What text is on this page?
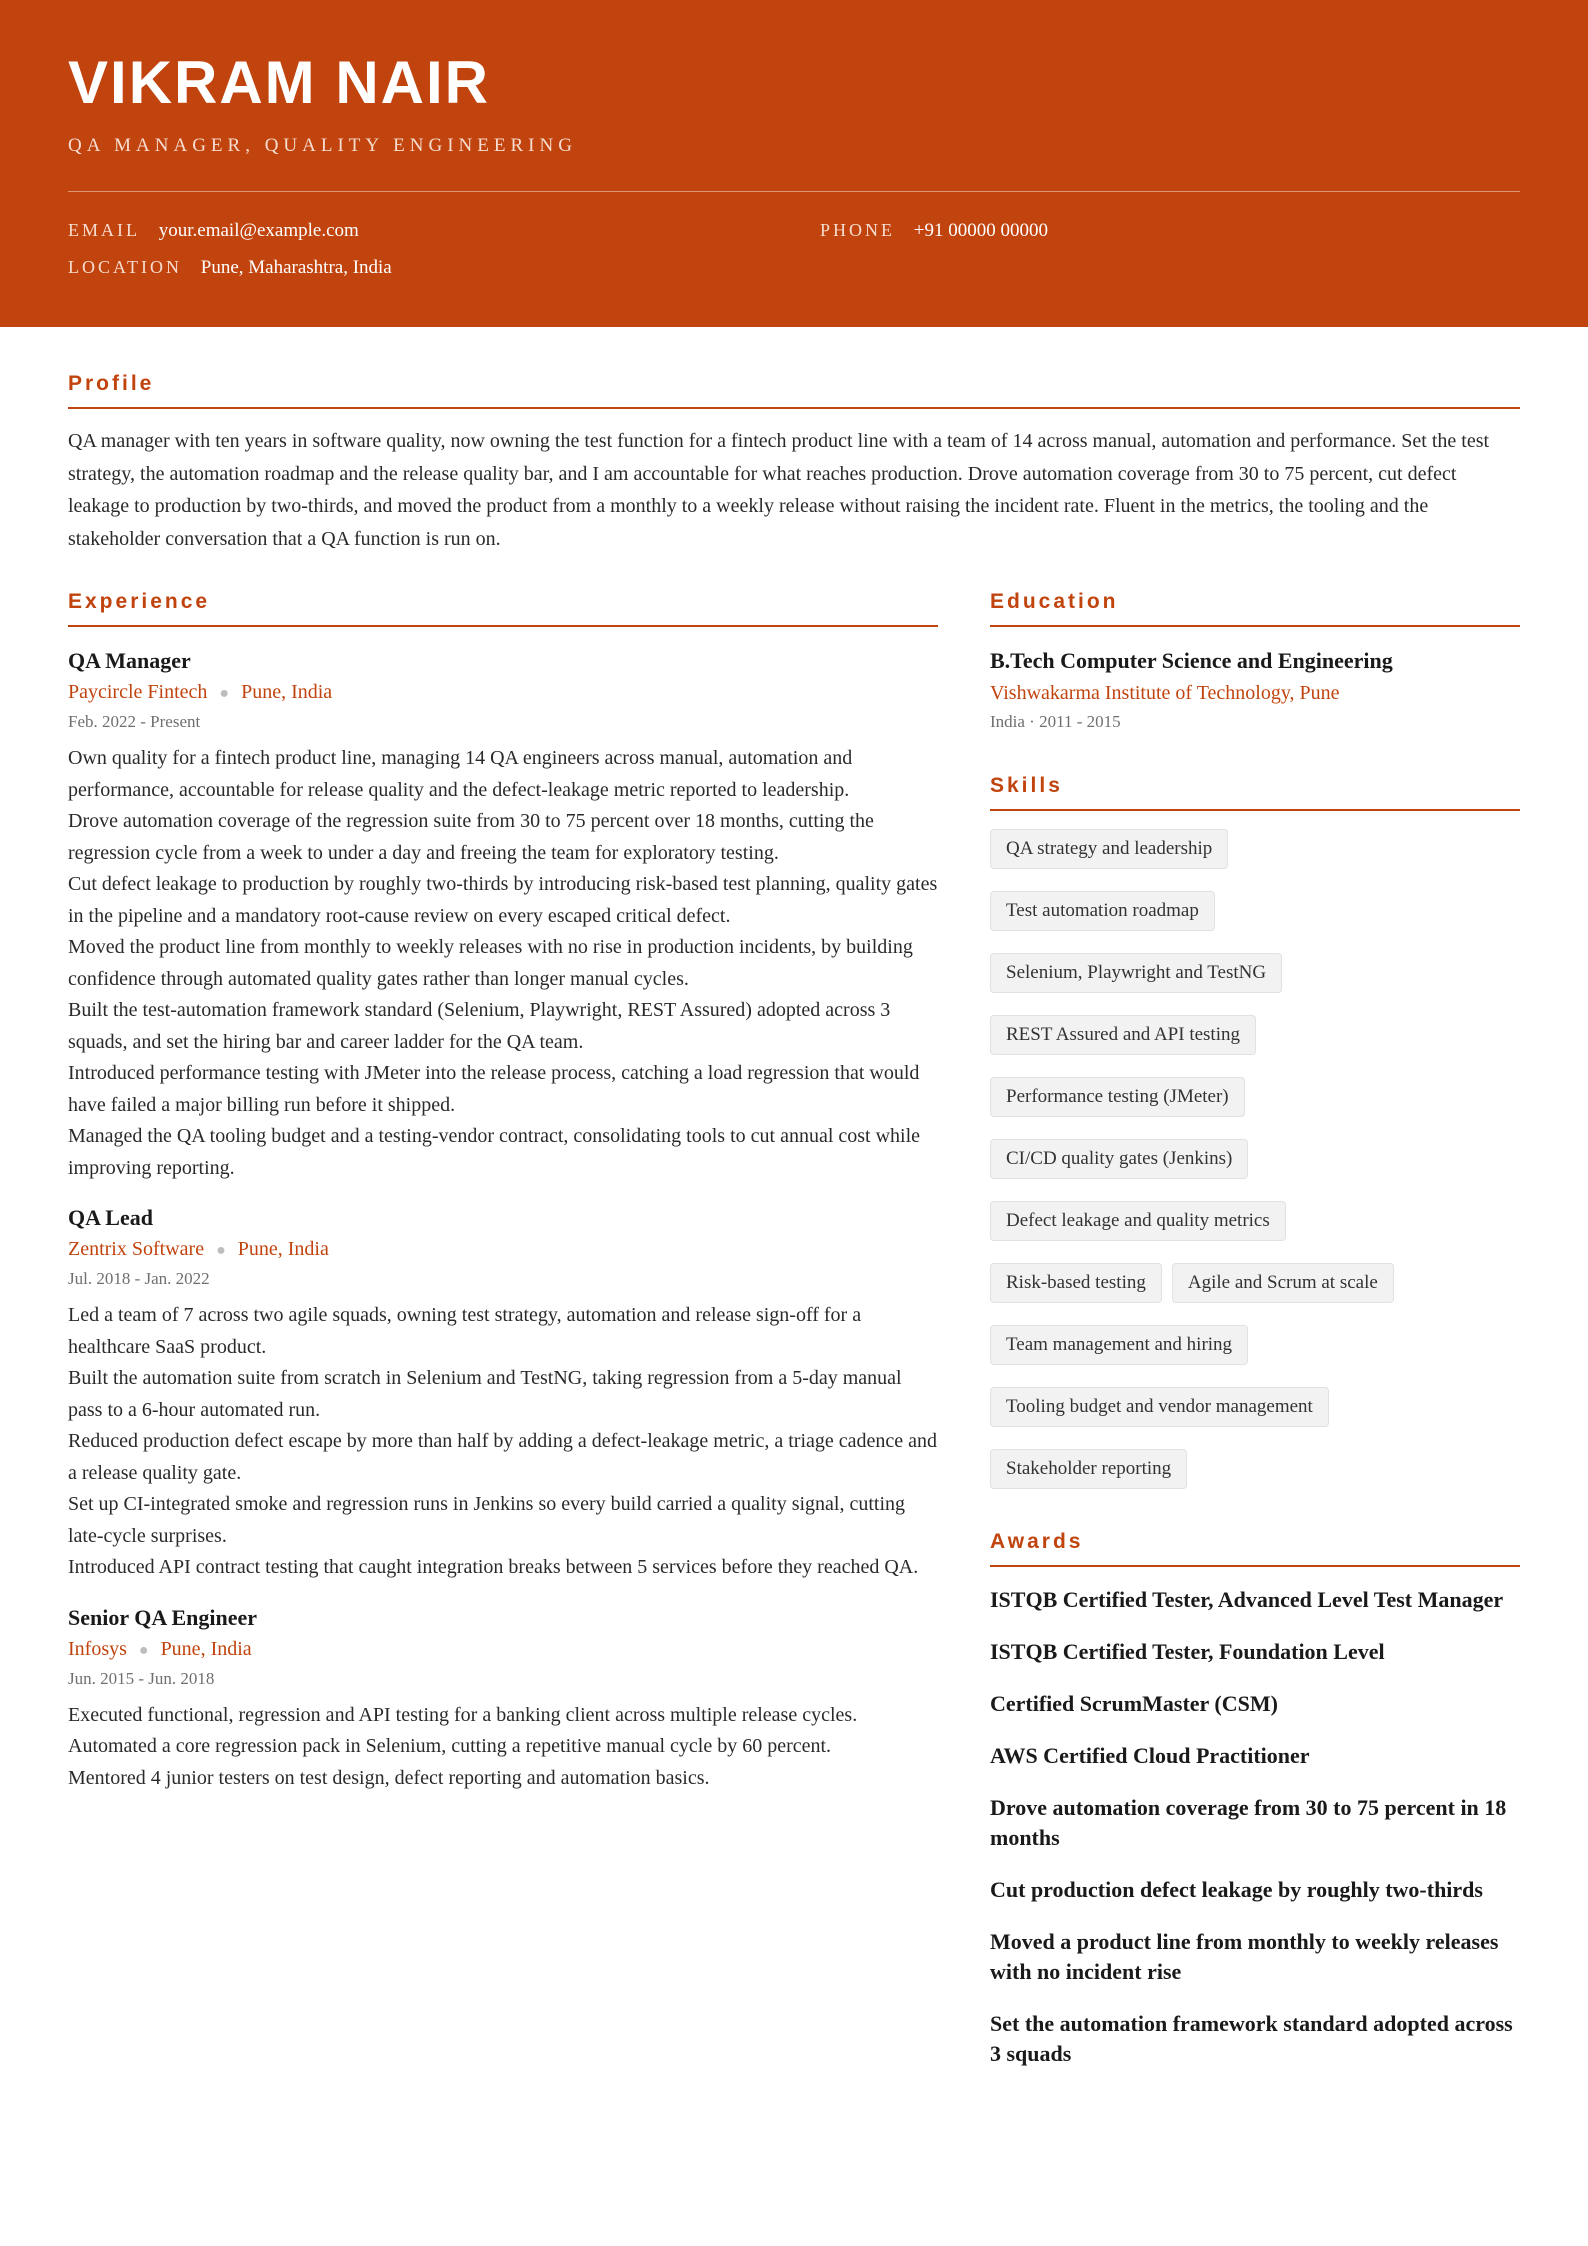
VIKRAM NAIR
QA MANAGER, QUALITY ENGINEERING
EMAIL your.email@example.com	PHONE +91 00000 00000
LOCATION Pune, Maharashtra, India
Profile

QA manager with ten years in software quality, now owning the test function for a fintech product line with a team of 14 across manual, automation and performance. Set the test strategy, the automation roadmap and the release quality bar, and I am accountable for what reaches production. Drove automation coverage from 30 to 75 percent, cut defect leakage to production by two-thirds, and moved the product from a monthly to a weekly release without raising the incident rate. Fluent in the metrics, the tooling and the stakeholder conversation that a QA function is run on.

Experience
QA Manager
Paycircle Fintech ● Pune, India
Feb. 2022 - Present
Own quality for a fintech product line, managing 14 QA engineers across manual, automation and performance, accountable for release quality and the defect-leakage metric reported to leadership.
Drove automation coverage of the regression suite from 30 to 75 percent over 18 months, cutting the regression cycle from a week to under a day and freeing the team for exploratory testing.
Cut defect leakage to production by roughly two-thirds by introducing risk-based test planning, quality gates in the pipeline and a mandatory root-cause review on every escaped critical defect.
Moved the product line from monthly to weekly releases with no rise in production incidents, by building confidence through automated quality gates rather than longer manual cycles.
Built the test-automation framework standard (Selenium, Playwright, REST Assured) adopted across 3 squads, and set the hiring bar and career ladder for the QA team.
Introduced performance testing with JMeter into the release process, catching a load regression that would have failed a major billing run before it shipped.
Managed the QA tooling budget and a testing-vendor contract, consolidating tools to cut annual cost while improving reporting.
QA Lead
Zentrix Software ● Pune, India
Jul. 2018 - Jan. 2022
Led a team of 7 across two agile squads, owning test strategy, automation and release sign-off for a healthcare SaaS product.
Built the automation suite from scratch in Selenium and TestNG, taking regression from a 5-day manual pass to a 6-hour automated run.
Reduced production defect escape by more than half by adding a defect-leakage metric, a triage cadence and a release quality gate.
Set up CI-integrated smoke and regression runs in Jenkins so every build carried a quality signal, cutting late-cycle surprises.
Introduced API contract testing that caught integration breaks between 5 services before they reached QA.
Senior QA Engineer
Infosys ● Pune, India
Jun. 2015 - Jun. 2018
Executed functional, regression and API testing for a banking client across multiple release cycles.
Automated a core regression pack in Selenium, cutting a repetitive manual cycle by 60 percent.
Mentored 4 junior testers on test design, defect reporting and automation basics.
Education
B.Tech Computer Science and Engineering
Vishwakarma Institute of Technology, Pune
India · 2011 - 2015
Skills
QA strategy and leadership
Test automation roadmap
Selenium, Playwright and TestNG
REST Assured and API testing
Performance testing (JMeter)
CI/CD quality gates (Jenkins)
Defect leakage and quality metrics
Risk-based testing	Agile and Scrum at scale
Team management and hiring
Tooling budget and vendor management
Stakeholder reporting
Awards
ISTQB Certified Tester, Advanced Level Test Manager
ISTQB Certified Tester, Foundation Level
Certified ScrumMaster (CSM)
AWS Certified Cloud Practitioner
Drove automation coverage from 30 to 75 percent in 18 months
Cut production defect leakage by roughly two-thirds
Moved a product line from monthly to weekly releases with no incident rise
Set the automation framework standard adopted across 3 squads
